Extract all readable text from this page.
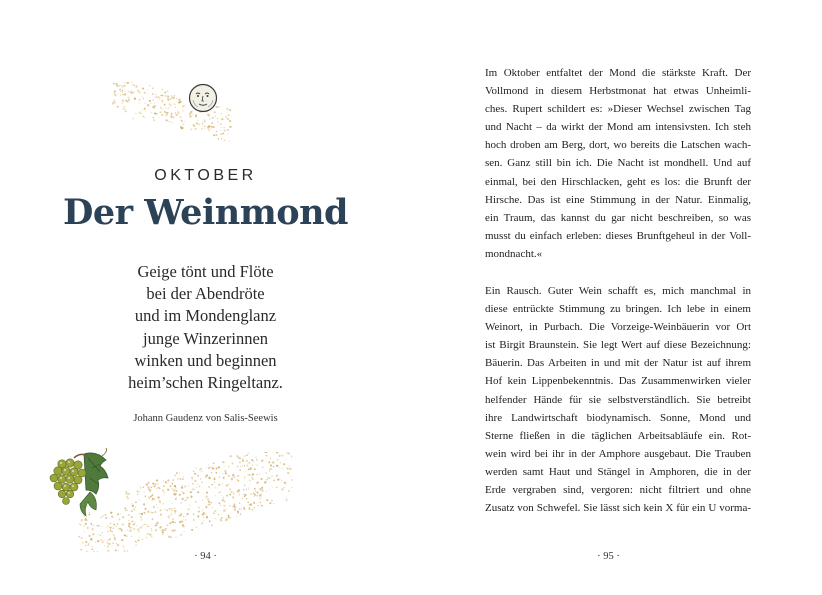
OKTOBER
Der Weinmond
Geige tönt und Flöte
bei der Abendröte
und im Mondenglanz
junge Winzerinnen
winken und beginnen
heim’schen Ringeltanz.
Johann Gaudenz von Salis-Seewis
· 94 ·
Im Oktober entfaltet der Mond die stärkste Kraft. Der
Vollmond in diesem Herbstmonat hat etwas Unheimli-
ches. Rupert schildert es: »Dieser Wechsel zwischen Tag
und Nacht – da wirkt der Mond am intensivsten. Ich steh
hoch droben am Berg, dort, wo bereits die Latschen wach-
sen. Ganz still bin ich. Die Nacht ist mondhell. Und auf
einmal, bei den Hirschlacken, geht es los: die Brunft der
Hirsche. Das ist eine Stimmung in der Natur. Einmalig,
ein Traum, das kannst du gar nicht beschreiben, so was
musst du einfach erleben: dieses Brunftgeheul in der Voll-
mondnacht.«
Ein Rausch. Guter Wein schafft es, mich manchmal in
diese entrückte Stimmung zu bringen. Ich lebe in einem
Weinort, in Purbach. Die Vorzeige-Weinbäuerin vor Ort
ist Birgit Braunstein. Sie legt Wert auf diese Bezeichnung:
Bäuerin. Das Arbeiten in und mit der Natur ist auf ihrem
Hof kein Lippenbekenntnis. Das Zusammenwirken vieler
helfender Hände für sie selbstverständlich. Sie betreibt
ihre Landwirtschaft biodynamisch. Sonne, Mond und
Sterne fließen in die täglichen Arbeitsabläufe ein. Rot-
wein wird bei ihr in der Amphore ausgebaut. Die Trauben
werden samt Haut und Stängel in Amphoren, die in der
Erde vergraben sind, vergoren: nicht filtriert und ohne
Zusatz von Schwefel. Sie lässt sich kein X für ein U vorma-
· 95 ·
